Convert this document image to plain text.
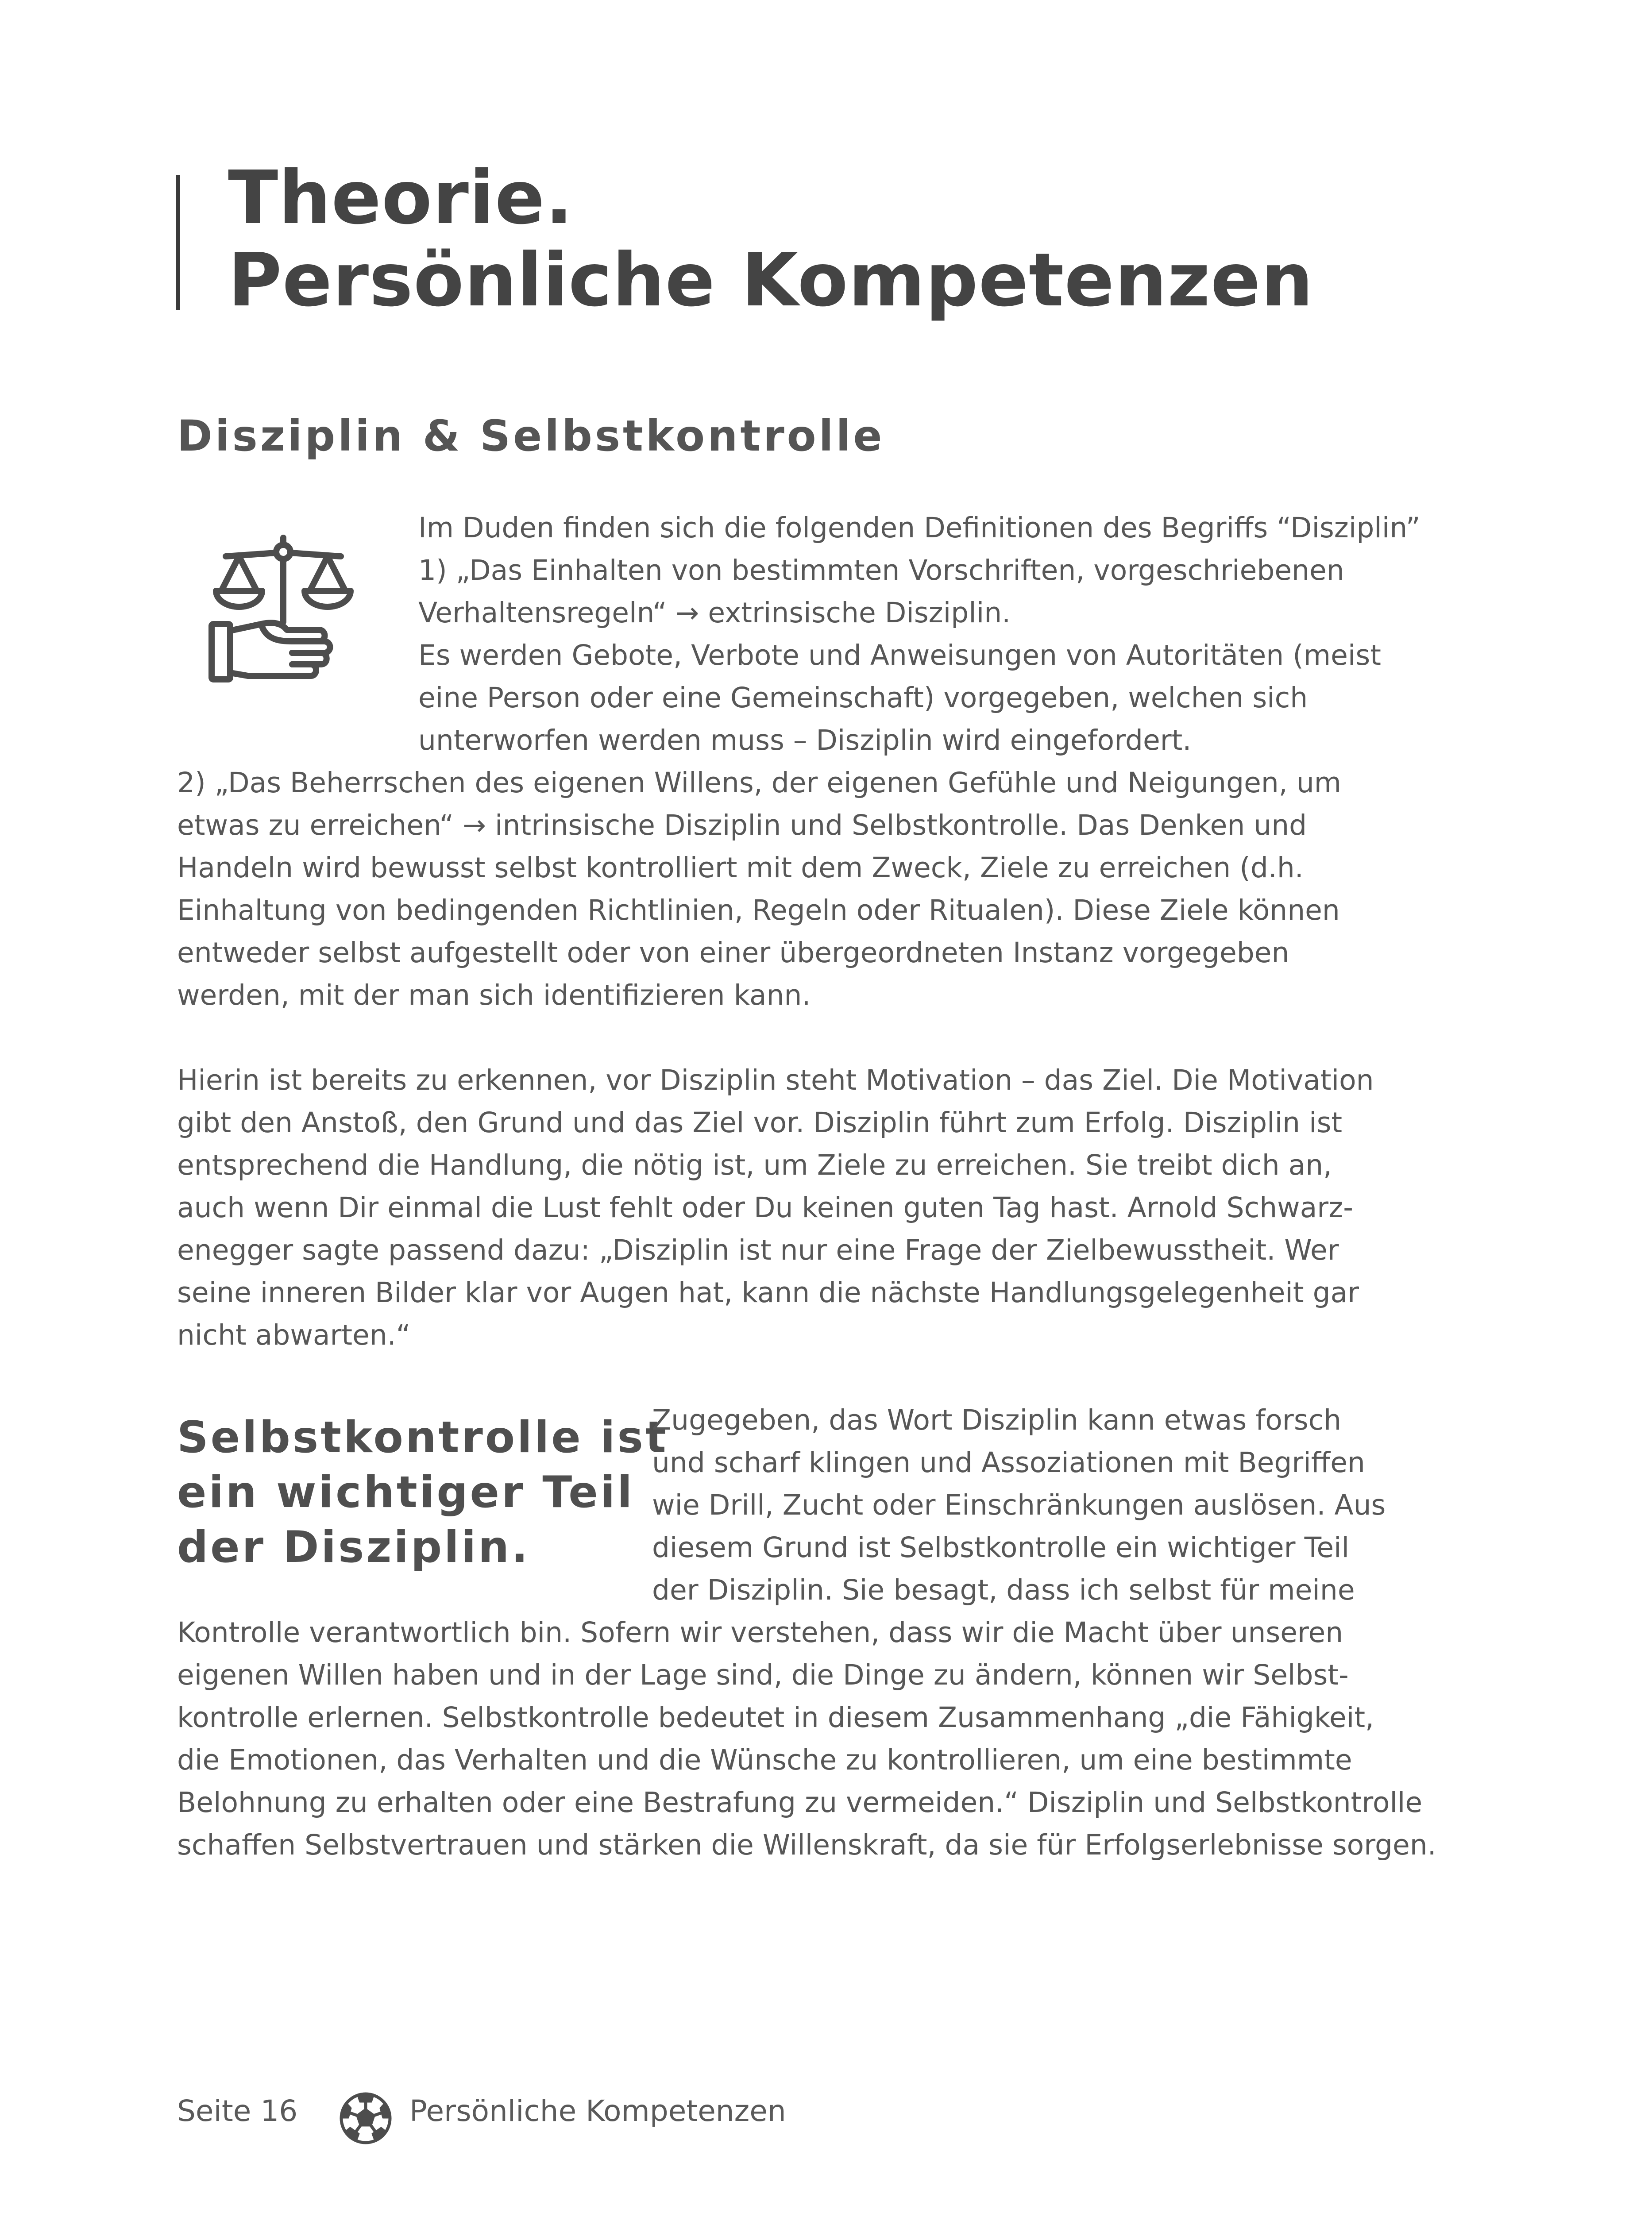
Theorie.
Persönliche Kompetenzen
Disziplin & Selbstkontrolle

Im Duden finden sich die folgenden Definitionen des Begriffs “Disziplin”
1) „Das Einhalten von bestimmten Vorschriften, vorgeschriebenen
Verhaltensregeln“ → extrinsische Disziplin.
Es werden Gebote, Verbote und Anweisungen von Autoritäten (meist
eine Person oder eine Gemeinschaft) vorgegeben, welchen sich
unterworfen werden muss – Disziplin wird eingefordert.

2) „Das Beherrschen des eigenen Willens, der eigenen Gefühle und Neigungen, um
etwas zu erreichen“ → intrinsische Disziplin und Selbstkontrolle. Das Denken und
Handeln wird bewusst selbst kontrolliert mit dem Zweck, Ziele zu erreichen (d.h.
Einhaltung von bedingenden Richtlinien, Regeln oder Ritualen). Diese Ziele können
entweder selbst aufgestellt oder von einer übergeordneten Instanz vorgegeben
werden, mit der man sich identifizieren kann.

Hierin ist bereits zu erkennen, vor Disziplin steht Motivation – das Ziel. Die Motivation
gibt den Anstoß, den Grund und das Ziel vor. Disziplin führt zum Erfolg. Disziplin ist
entsprechend die Handlung, die nötig ist, um Ziele zu erreichen. Sie treibt dich an,
auch wenn Dir einmal die Lust fehlt oder Du keinen guten Tag hast. Arnold Schwarz-
enegger sagte passend dazu: „Disziplin ist nur eine Frage der Zielbewusstheit. Wer
seine inneren Bilder klar vor Augen hat, kann die nächste Handlungsgelegenheit gar
nicht abwarten.“

Selbstkontrolle ist
ein wichtiger Teil
der Disziplin.

Zugegeben, das Wort Disziplin kann etwas forsch
und scharf klingen und Assoziationen mit Begriffen
wie Drill, Zucht oder Einschränkungen auslösen. Aus
diesem Grund ist Selbstkontrolle ein wichtiger Teil
der Disziplin. Sie besagt, dass ich selbst für meine

Kontrolle verantwortlich bin. Sofern wir verstehen, dass wir die Macht über unseren
eigenen Willen haben und in der Lage sind, die Dinge zu ändern, können wir Selbst-
kontrolle erlernen. Selbstkontrolle bedeutet in diesem Zusammenhang „die Fähigkeit,
die Emotionen, das Verhalten und die Wünsche zu kontrollieren, um eine bestimmte
Belohnung zu erhalten oder eine Bestrafung zu vermeiden.“ Disziplin und Selbstkontrolle
schaffen Selbstvertrauen und stärken die Willenskraft, da sie für Erfolgserlebnisse sorgen.

Seite 16	Persönliche Kompetenzen
